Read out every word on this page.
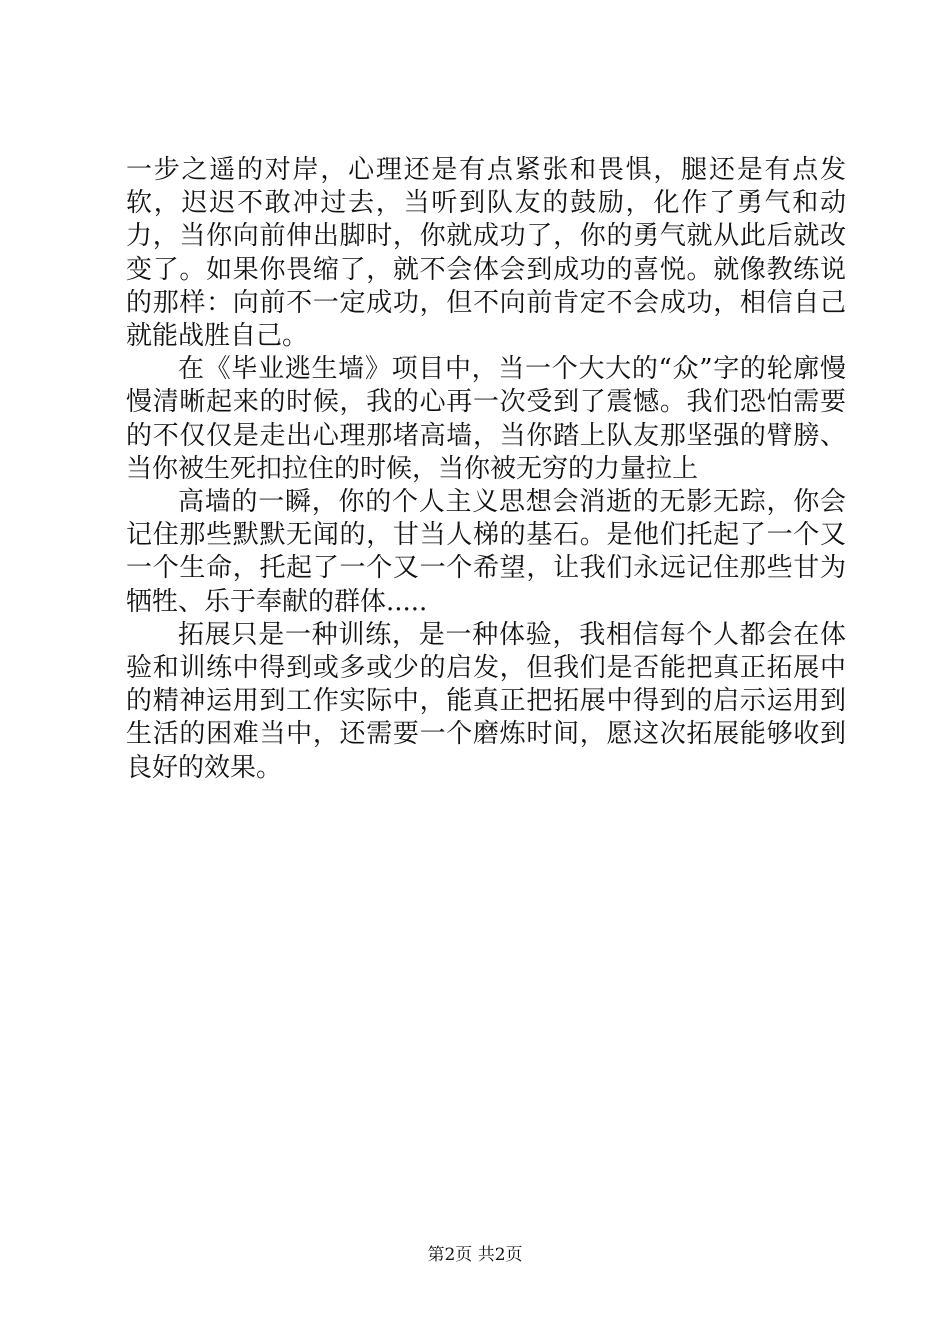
一步之遥的对岸，心理还是有点紧张和畏惧，腿还是有点发软，迟迟不敢冲过去，当听到队友的鼓励，化作了勇气和动力，当你向前伸出脚时，你就成功了，你的勇气就从此后就改变了。如果你畏缩了，就不会体会到成功的喜悦。就像教练说的那样：向前不一定成功，但不向前肯定不会成功，相信自己就能战胜自己。

在《毕业逃生墙》项目中，当一个大大的“众”字的轮廓慢慢清晰起来的时候，我的心再一次受到了震憾。我们恐怕需要的不仅仅是走出心理那堵高墙，当你踏上队友那坚强的臂膀、当你被生死扣拉住的时候，当你被无穷的力量拉上

高墙的一瞬，你的个人主义思想会消逝的无影无踪，你会记住那些默默无闻的，甘当人梯的基石。是他们托起了一个又一个生命，托起了一个又一个希望，让我们永远记住那些甘为牺牲、乐于奉献的群体.....

拓展只是一种训练，是一种体验，我相信每个人都会在体验和训练中得到或多或少的启发，但我们是否能把真正拓展中的精神运用到工作实际中，能真正把拓展中得到的启示运用到生活的困难当中，还需要一个磨炼时间，愿这次拓展能够收到良好的效果。

第2页 共2页
